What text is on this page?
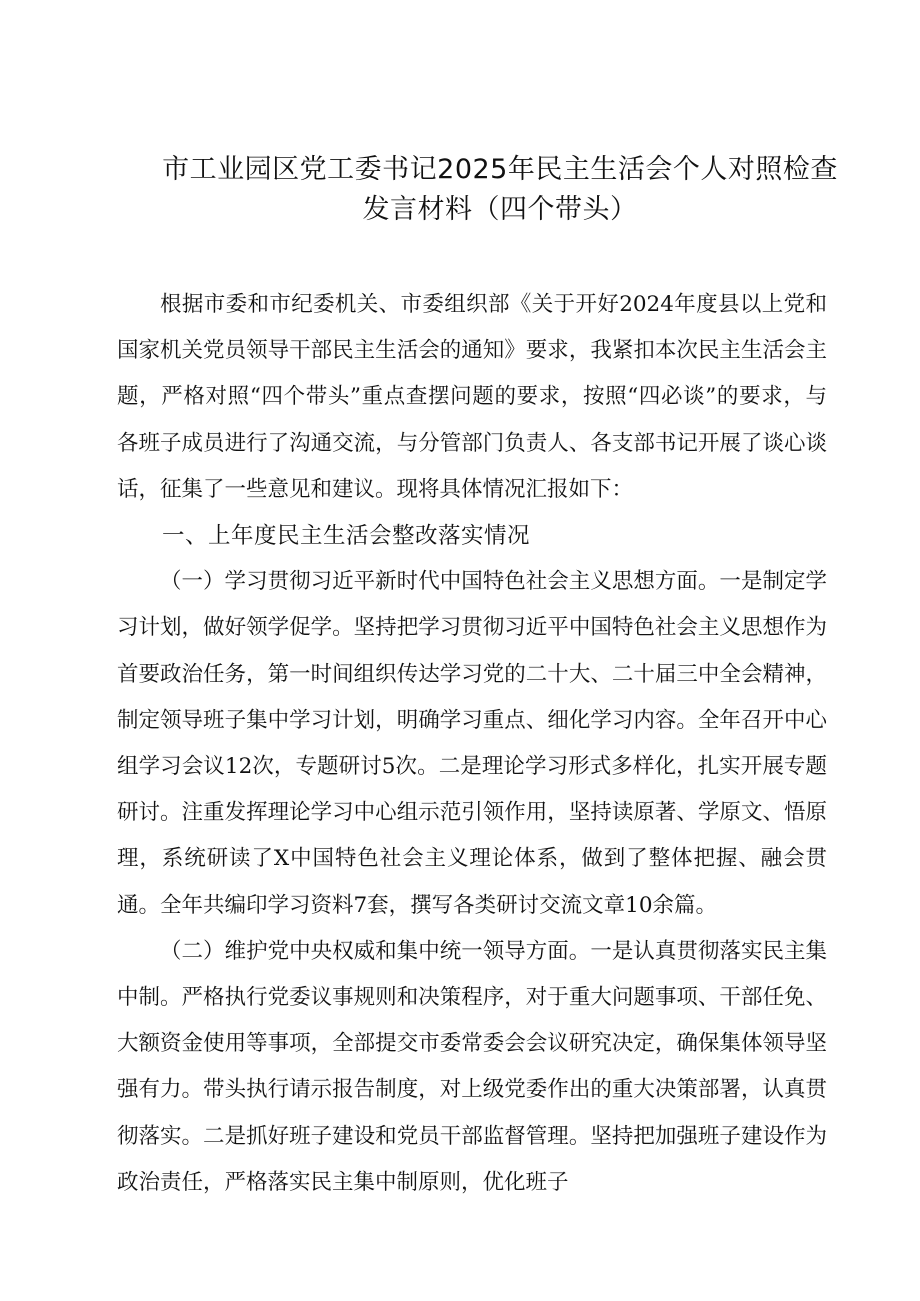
市工业园区党工委书记2025年民主生活会个人对照检查发言材料（四个带头）

根据市委和市纪委机关、市委组织部《关于开好2024年度县以上党和国家机关党员领导干部民主生活会的通知》要求，我紧扣本次民主生活会主题，严格对照“四个带头”重点查摆问题的要求，按照“四必谈”的要求，与各班子成员进行了沟通交流，与分管部门负责人、各支部书记开展了谈心谈话，征集了一些意见和建议。现将具体情况汇报如下：

一、上年度民主生活会整改落实情况

（一）学习贯彻习近平新时代中国特色社会主义思想方面。一是制定学习计划，做好领学促学。坚持把学习贯彻习近平中国特色社会主义思想作为首要政治任务，第一时间组织传达学习党的二十大、二十届三中全会精神，制定领导班子集中学习计划，明确学习重点、细化学习内容。全年召开中心组学习会议12次，专题研讨5次。二是理论学习形式多样化，扎实开展专题研讨。注重发挥理论学习中心组示范引领作用，坚持读原著、学原文、悟原理，系统研读了X中国特色社会主义理论体系，做到了整体把握、融会贯通。全年共编印学习资料7套，撰写各类研讨交流文章10余篇。

（二）维护党中央权威和集中统一领导方面。一是认真贯彻落实民主集中制。严格执行党委议事规则和决策程序，对于重大问题事项、干部任免、大额资金使用等事项，全部提交市委常委会会议研究决定，确保集体领导坚强有力。带头执行请示报告制度，对上级党委作出的重大决策部署，认真贯彻落实。二是抓好班子建设和党员干部监督管理。坚持把加强班子建设作为政治责任，严格落实民主集中制原则，优化班子
